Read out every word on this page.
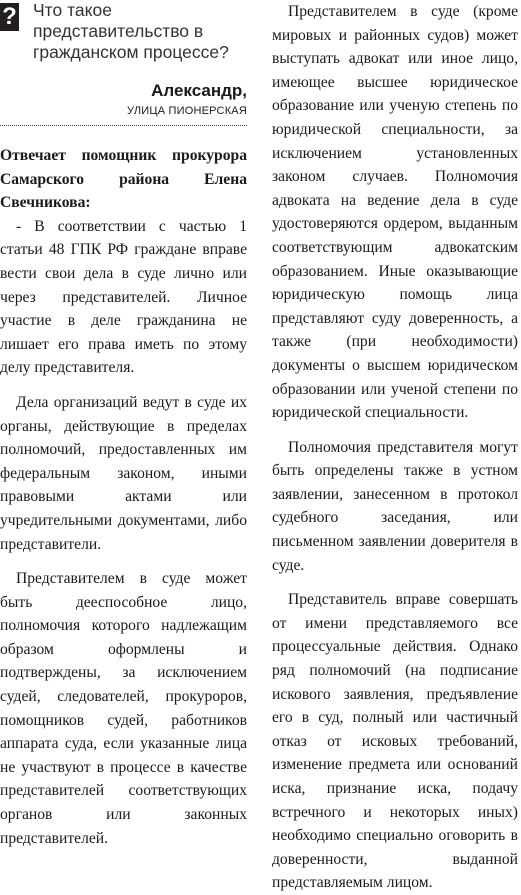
? Что такое представительство в гражданском процессе?

Александр,

УЛИЦА ПИОНЕРСКАЯ

Отвечает помощник прокурора Самарского района Елена Свечникова:

- В соответствии с частью 1 статьи 48 ГПК РФ граждане вправе вести свои дела в суде лично или через представителей. Личное участие в деле гражданина не лишает его права иметь по этому делу представителя.

Дела организаций ведут в суде их органы, действующие в пределах полномочий, предоставленных им федеральным законом, иными правовыми актами или учредительными документами, либо представители.

Представителем в суде может быть дееспособное лицо, полномочия которого надлежащим образом оформлены и подтверждены, за исключением судей, следователей, прокуроров, помощников судей, работников аппарата суда, если указанные лица не участвуют в процессе в качестве представителей соответствующих органов или законных представителей.

Представителем в суде (кроме мировых и районных судов) может выступать адвокат или иное лицо, имеющее высшее юридическое образование или ученую степень по юридической специальности, за исключением установленных законом случаев. Полномочия адвоката на ведение дела в суде удостоверяются ордером, выданным соответствующим адвокатским образованием. Иные оказывающие юридическую помощь лица представляют суду доверенность, а также (при необходимости) документы о высшем юридическом образовании или ученой степени по юридической специальности.

Полномочия представителя могут быть определены также в устном заявлении, занесенном в протокол судебного заседания, или письменном заявлении доверителя в суде.

Представитель вправе совершать от имени представляемого все процессуальные действия. Однако ряд полномочий (на подписание искового заявления, предъявление его в суд, полный или частичный отказ от исковых требований, изменение предмета или оснований иска, признание иска, подачу встречного и некоторых иных) необходимо специально оговорить в доверенности, выданной представляемым лицом.
